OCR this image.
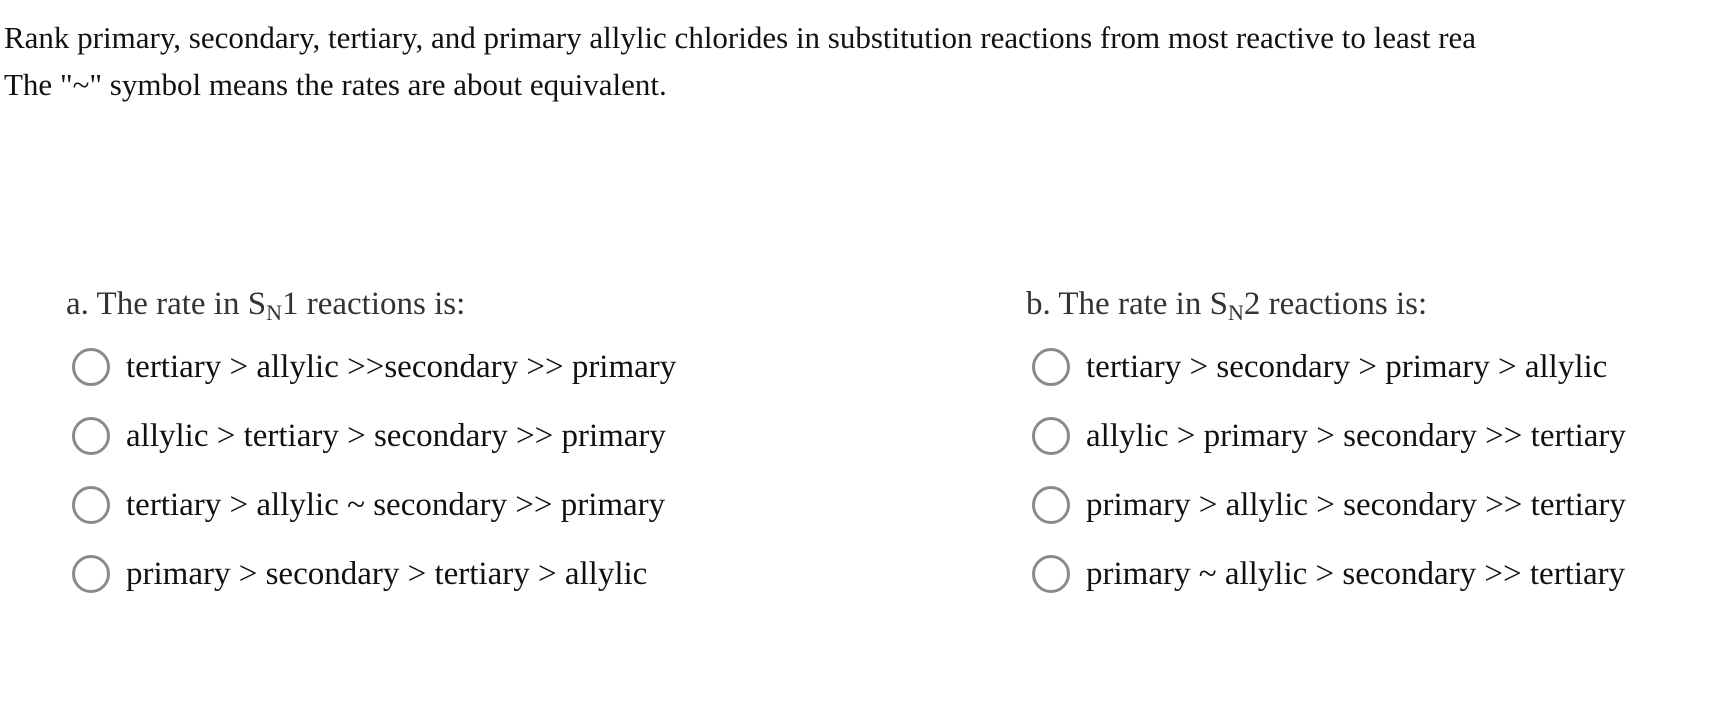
Rank primary, secondary, tertiary, and primary allylic chlorides in substitution reactions from most reactive to least rea
The "~" symbol means the rates are about equivalent.
a. The rate in $S_N1$ reactions is:
tertiary > allylic >>secondary >> primary
allylic > tertiary > secondary >> primary
tertiary > allylic ~ secondary >> primary
primary > secondary > tertiary > allylic
b. The rate in $S_N2$ reactions is:
tertiary > secondary > primary > allylic
allylic > primary > secondary >> tertiary
primary > allylic > secondary >> tertiary
primary ~ allylic > secondary >> tertiary
